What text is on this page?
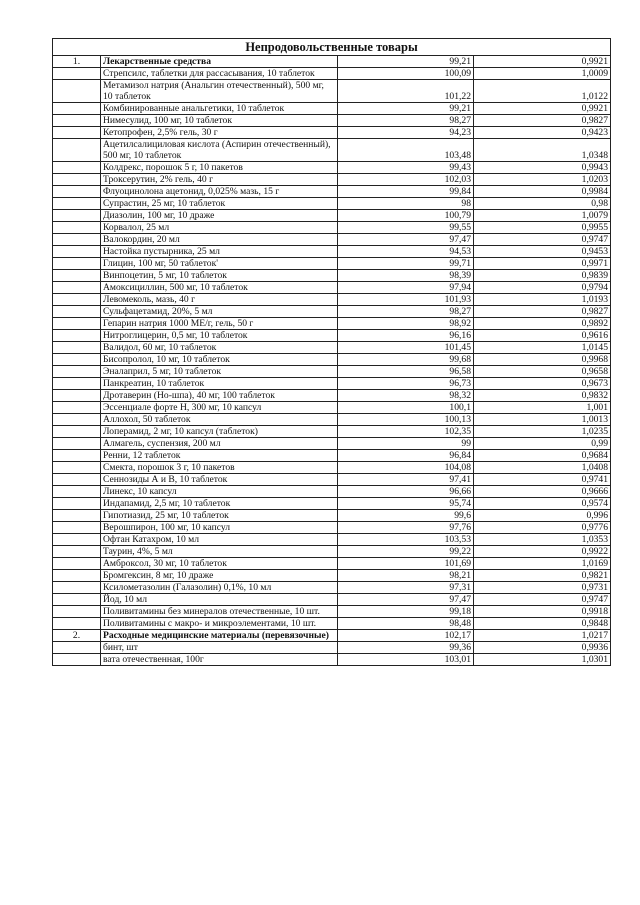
Непродовольственные товары			
1.	Лекарственные средства	99,21	0,9921
	Стрепсилс, таблетки для рассасывания, 10 таблеток	100,09	1,0009
	Метамизол натрия (Анальгин отечественный), 500 мг, 10 таблеток	101,22	1,0122
	Комбинированные анальгетики, 10 таблеток	99,21	0,9921
	Нимесулид, 100 мг, 10 таблеток	98,27	0,9827
	Кетопрофен, 2,5% гель, 30 г	94,23	0,9423
	Ацетилсалициловая кислота (Аспирин отечественный), 500 мг, 10 таблеток	103,48	1,0348
	Колдрекс, порошок 5 г, 10 пакетов	99,43	0,9943
	Троксерутин, 2% гель, 40 г	102,03	1,0203
	Флуоцинолона ацетонид, 0,025% мазь, 15 г	99,84	0,9984
	Супрастин, 25 мг, 10 таблеток	98	0,98
	Диазолин, 100 мг, 10 драже	100,79	1,0079
	Корвалол, 25 мл	99,55	0,9955
	Валокордин, 20 мл	97,47	0,9747
	Настойка пустырника, 25 мл	94,53	0,9453
	Глицин, 100 мг, 50 таблеток'	99,71	0,9971
	Винпоцетин, 5 мг, 10 таблеток	98,39	0,9839
	Амоксициллин, 500 мг, 10 таблеток	97,94	0,9794
	Левомеколь, мазь, 40 г	101,93	1,0193
	Сульфацетамид, 20%, 5 мл	98,27	0,9827
	Гепарин натрия 1000 МЕ/г, гель, 50 г	98,92	0,9892
	Нитроглицерин, 0,5 мг, 10 таблеток	96,16	0,9616
	Валидол, 60 мг, 10 таблеток	101,45	1,0145
	Бисопролол, 10 мг, 10 таблеток	99,68	0,9968
	Эналаприл, 5 мг, 10 таблеток	96,58	0,9658
	Панкреатин, 10 таблеток	96,73	0,9673
	Дротаверин (Но-шпа), 40 мг, 100 таблеток	98,32	0,9832
	Эссенциале форте Н, 300 мг, 10 капсул	100,1	1,001
	Аллохол, 50 таблеток	100,13	1,0013
	Лоперамид, 2 мг, 10 капсул (таблеток)	102,35	1,0235
	Алмагель, суспензия, 200 мл	99	0,99
	Ренни, 12 таблеток	96,84	0,9684
	Смекта, порошок 3 г, 10 пакетов	104,08	1,0408
	Сеннозиды А и В, 10 таблеток	97,41	0,9741
	Линекс, 10 капсул	96,66	0,9666
	Индапамид, 2,5 мг, 10 таблеток	95,74	0,9574
	Гипотиазид, 25 мг, 10 таблеток	99,6	0,996
	Верошпирон, 100 мг, 10 капсул	97,76	0,9776
	Офтан Катахром, 10 мл	103,53	1,0353
	Таурин, 4%, 5 мл	99,22	0,9922
	Амброксол, 30 мг, 10 таблеток	101,69	1,0169
	Бромгексин, 8 мг, 10 драже	98,21	0,9821
	Ксилометазолин (Галазолин) 0,1%, 10 мл	97,31	0,9731
	Йод, 10 мл	97,47	0,9747
	Поливитамины без минералов отечественные, 10 шт.	99,18	0,9918
	Поливитамины с макро- и микроэлементами, 10 шт.	98,48	0,9848
2.	Расходные медицинские материалы (перевязочные)	102,17	1,0217
	бинт, шт	99,36	0,9936
	вата отечественная, 100г	103,01	1,0301
